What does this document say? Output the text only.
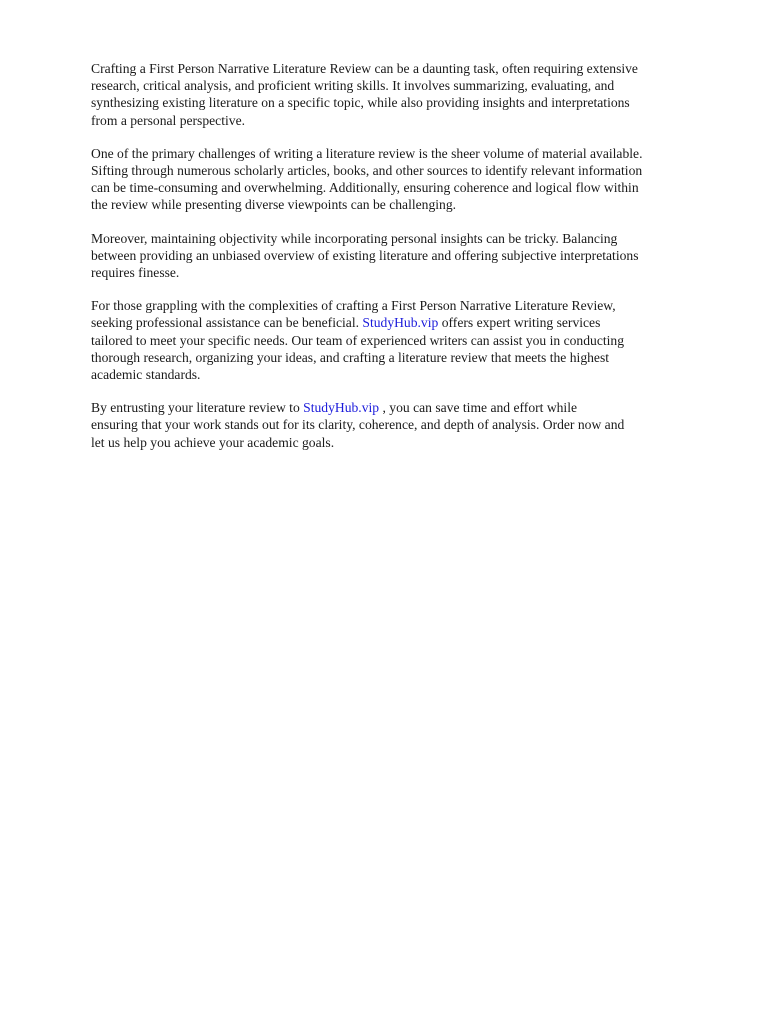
Crafting a First Person Narrative Literature Review can be a daunting task, often requiring extensive
research, critical analysis, and proficient writing skills. It involves summarizing, evaluating, and
synthesizing existing literature on a specific topic, while also providing insights and interpretations
from a personal perspective.

One of the primary challenges of writing a literature review is the sheer volume of material available.
Sifting through numerous scholarly articles, books, and other sources to identify relevant information
can be time-consuming and overwhelming. Additionally, ensuring coherence and logical flow within
the review while presenting diverse viewpoints can be challenging.

Moreover, maintaining objectivity while incorporating personal insights can be tricky. Balancing
between providing an unbiased overview of existing literature and offering subjective interpretations
requires finesse.

For those grappling with the complexities of crafting a First Person Narrative Literature Review,
seeking professional assistance can be beneficial. StudyHub.vip offers expert writing services
tailored to meet your specific needs. Our team of experienced writers can assist you in conducting
thorough research, organizing your ideas, and crafting a literature review that meets the highest
academic standards.

By entrusting your literature review to StudyHub.vip , you can save time and effort while
ensuring that your work stands out for its clarity, coherence, and depth of analysis. Order now and
let us help you achieve your academic goals.
